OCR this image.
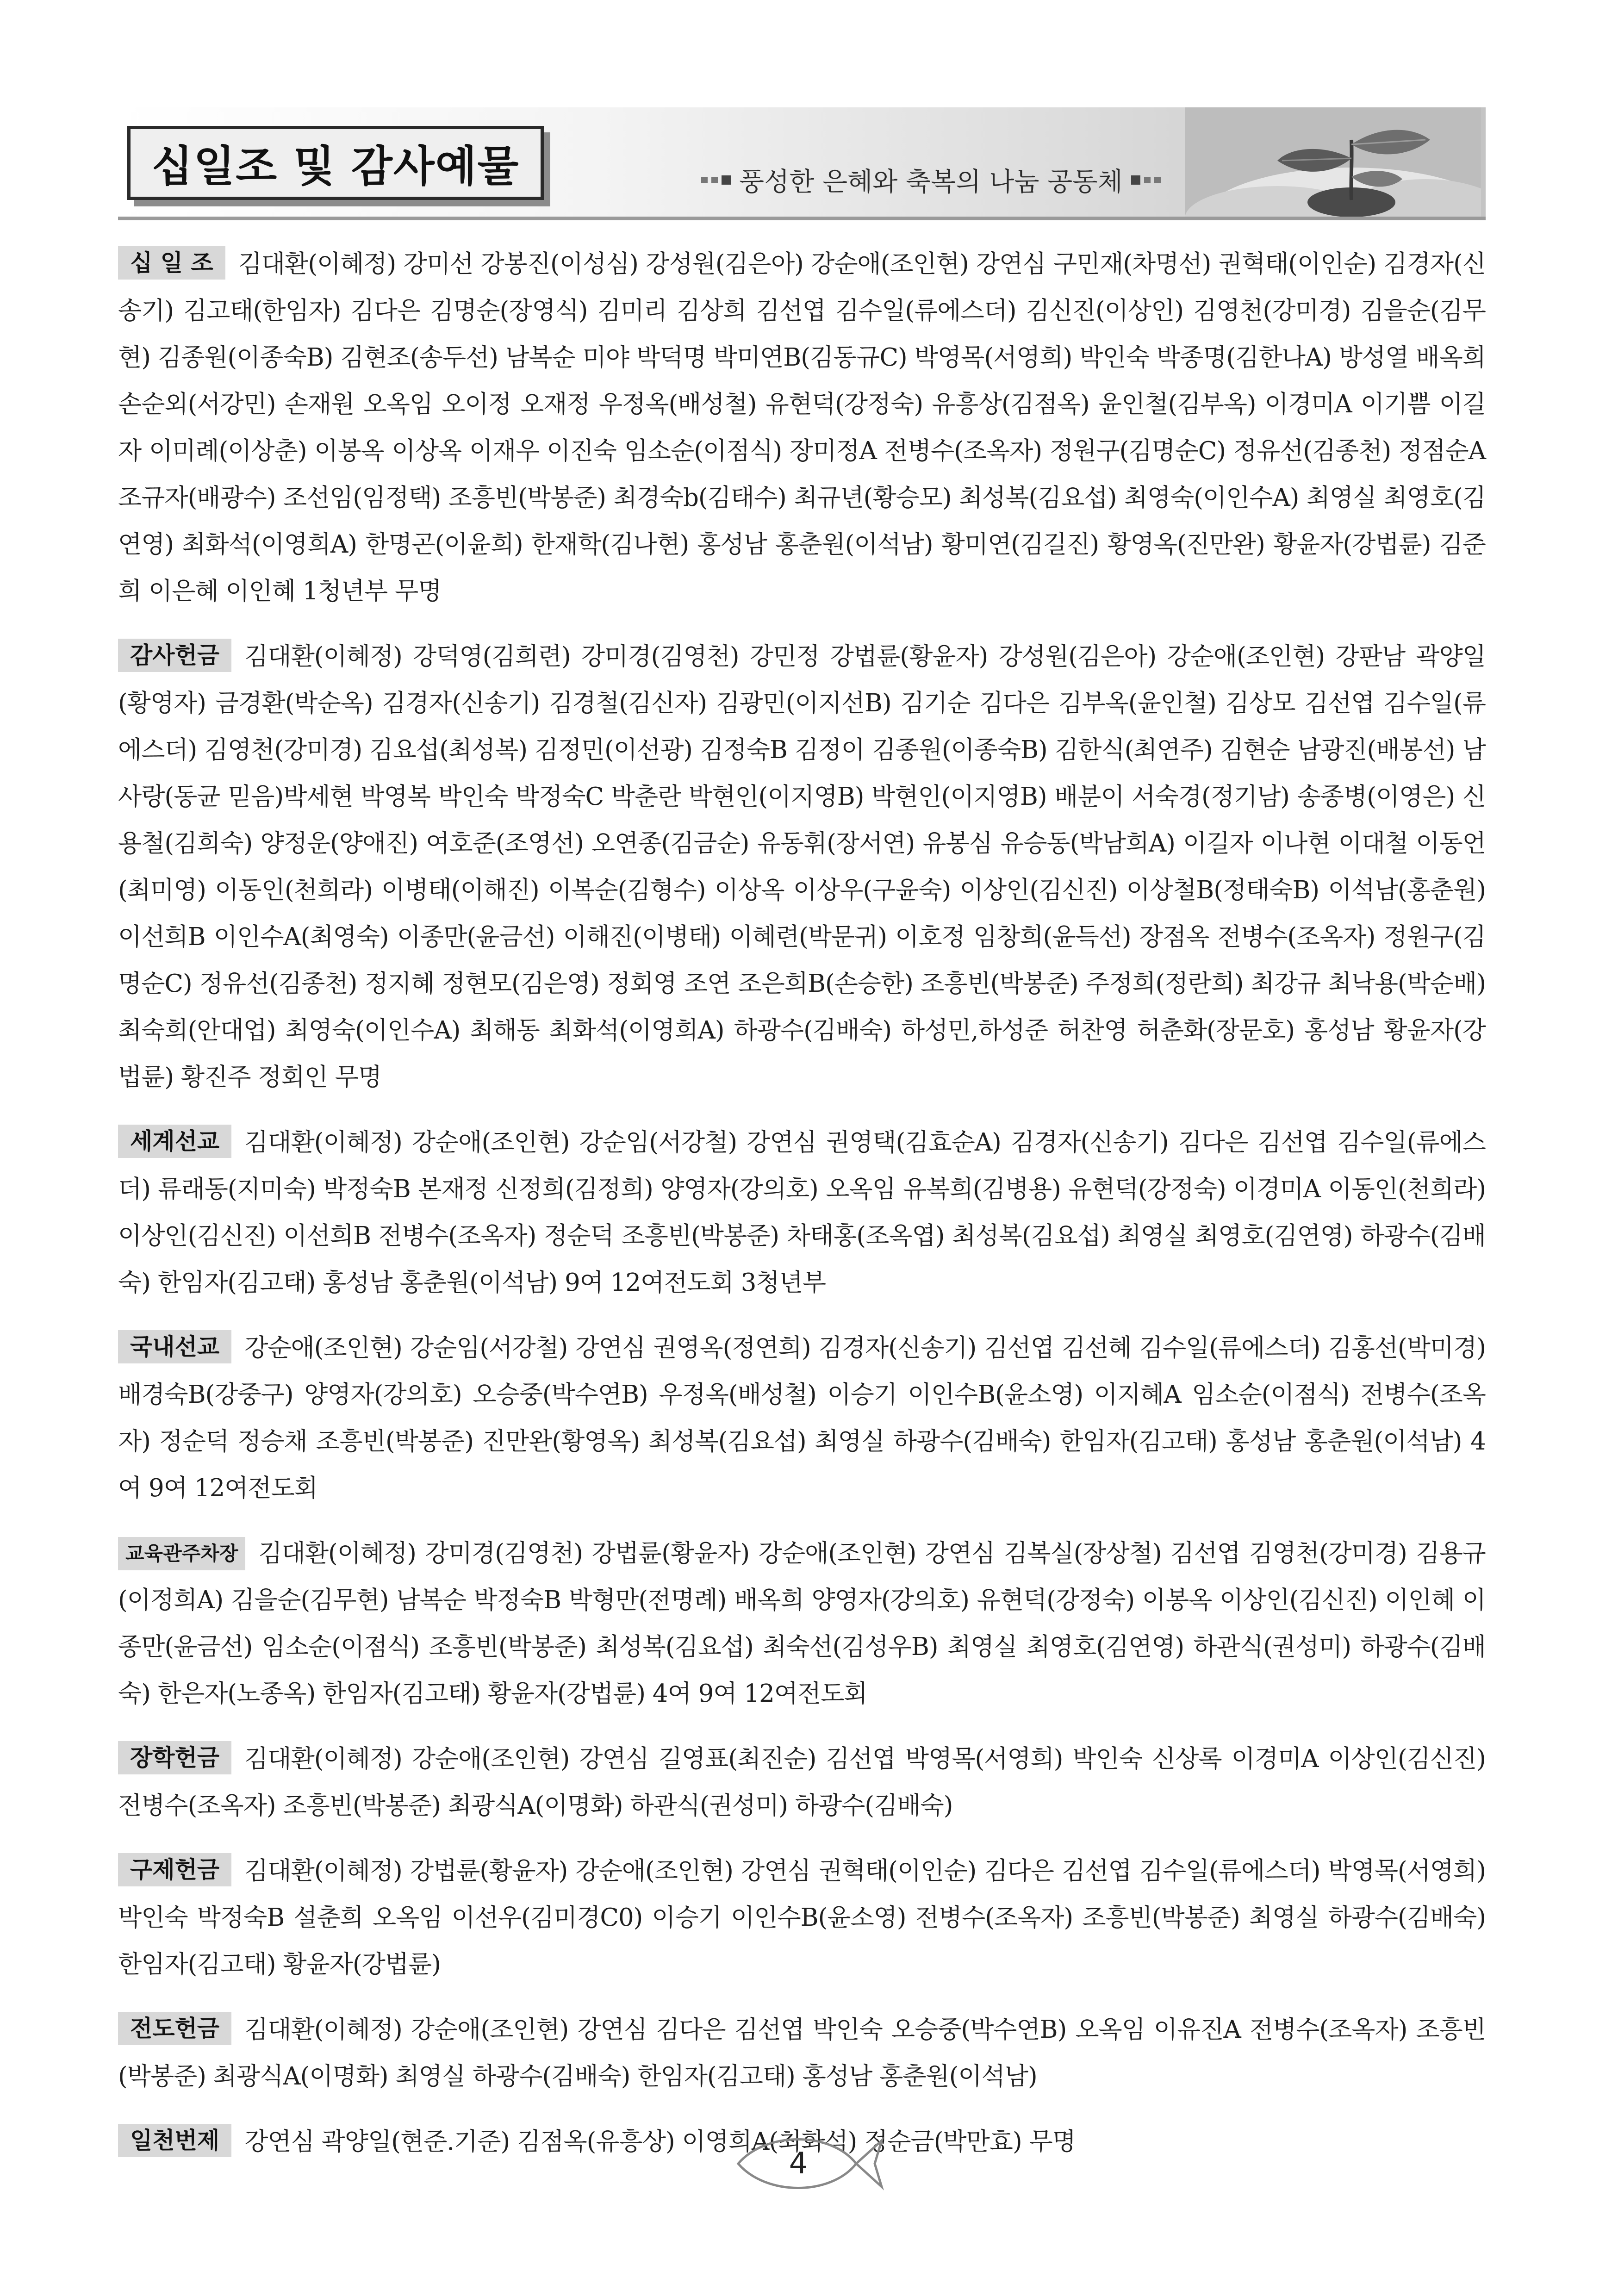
십일조 및 감사예물	풍성한 은혜와 축복의 나눔 공동체

십 일 조 김대환(이혜정) 강미선 강봉진(이성심) 강성원(김은아) 강순애(조인현) 강연심 구민재(차명선) 권혁태(이인순) 김경자(신송기) 김고태(한임자) 김다은 김명순(장영식) 김미리 김상희 김선엽 김수일(류에스더) 김신진(이상인) 김영천(강미경) 김을순(김무현) 김종원(이종숙B) 김현조(송두선) 남복순 미야 박덕명 박미연B(김동규C) 박영목(서영희) 박인숙 박종명(김한나A) 방성열 배옥희 손순외(서강민) 손재원 오옥임 오이정 오재정 우정옥(배성철) 유현덕(강정숙) 유흥상(김점옥) 윤인철(김부옥) 이경미A 이기쁨 이길자 이미례(이상춘) 이봉옥 이상옥 이재우 이진숙 임소순(이점식) 장미정A 전병수(조옥자) 정원구(김명순C) 정유선(김종천) 정점순A 조규자(배광수) 조선임(임정택) 조흥빈(박봉준) 최경숙b(김태수) 최규년(황승모) 최성복(김요섭) 최영숙(이인수A) 최영실 최영호(김연영) 최화석(이영희A) 한명곤(이윤희) 한재학(김나현) 홍성남 홍춘원(이석남) 황미연(김길진) 황영옥(진만완) 황윤자(강법륜) 김준희 이은혜 이인혜 1청년부 무명

감사헌금 김대환(이혜정) 강덕영(김희련) 강미경(김영천) 강민정 강법륜(황윤자) 강성원(김은아) 강순애(조인현) 강판남 곽양일(황영자) 금경환(박순옥) 김경자(신송기) 김경철(김신자) 김광민(이지선B) 김기순 김다은 김부옥(윤인철) 김상모 김선엽 김수일(류에스더) 김영천(강미경) 김요섭(최성복) 김정민(이선광) 김정숙B 김정이 김종원(이종숙B) 김한식(최연주) 김현순 남광진(배봉선) 남사랑(동균 믿음)박세현 박영복 박인숙 박정숙C 박춘란 박현인(이지영B) 박현인(이지영B) 배분이 서숙경(정기남) 송종병(이영은) 신용철(김희숙) 양정운(양애진) 여호준(조영선) 오연종(김금순) 유동휘(장서연) 유봉심 유승동(박남희A) 이길자 이나현 이대철 이동언(최미영) 이동인(천희라) 이병태(이해진) 이복순(김형수) 이상옥 이상우(구윤숙) 이상인(김신진) 이상철B(정태숙B) 이석남(홍춘원) 이선희B 이인수A(최영숙) 이종만(윤금선) 이해진(이병태) 이혜련(박문귀) 이호정 임창희(윤득선) 장점옥 전병수(조옥자) 정원구(김명순C) 정유선(김종천) 정지혜 정현모(김은영) 정회영 조연 조은희B(손승한) 조흥빈(박봉준) 주정희(정란희) 최강규 최낙용(박순배) 최숙희(안대업) 최영숙(이인수A) 최해동 최화석(이영희A) 하광수(김배숙) 하성민,하성준 허찬영 허춘화(장문호) 홍성남 황윤자(강법륜) 황진주 정회인 무명

세계선교 김대환(이혜정) 강순애(조인현) 강순임(서강철) 강연심 권영택(김효순A) 김경자(신송기) 김다은 김선엽 김수일(류에스더) 류래동(지미숙) 박정숙B 본재정 신정희(김정희) 양영자(강의호) 오옥임 유복희(김병용) 유현덕(강정숙) 이경미A 이동인(천희라) 이상인(김신진) 이선희B 전병수(조옥자) 정순덕 조흥빈(박봉준) 차태홍(조옥엽) 최성복(김요섭) 최영실 최영호(김연영) 하광수(김배숙) 한임자(김고태) 홍성남 홍춘원(이석남) 9여 12여전도회 3청년부

국내선교 강순애(조인현) 강순임(서강철) 강연심 권영옥(정연희) 김경자(신송기) 김선엽 김선혜 김수일(류에스더) 김홍선(박미경) 배경숙B(강중구) 양영자(강의호) 오승중(박수연B) 우정옥(배성철) 이승기 이인수B(윤소영) 이지혜A 임소순(이점식) 전병수(조옥자) 정순덕 정승채 조흥빈(박봉준) 진만완(황영옥) 최성복(김요섭) 최영실 하광수(김배숙) 한임자(김고태) 홍성남 홍춘원(이석남) 4여 9여 12여전도회

교육관주차장 김대환(이혜정) 강미경(김영천) 강법륜(황윤자) 강순애(조인현) 강연심 김복실(장상철) 김선엽 김영천(강미경) 김용규(이정희A) 김을순(김무현) 남복순 박정숙B 박형만(전명례) 배옥희 양영자(강의호) 유현덕(강정숙) 이봉옥 이상인(김신진) 이인혜 이종만(윤금선) 임소순(이점식) 조흥빈(박봉준) 최성복(김요섭) 최숙선(김성우B) 최영실 최영호(김연영) 하관식(권성미) 하광수(김배숙) 한은자(노종옥) 한임자(김고태) 황윤자(강법륜) 4여 9여 12여전도회

장학헌금 김대환(이혜정) 강순애(조인현) 강연심 길영표(최진순) 김선엽 박영목(서영희) 박인숙 신상록 이경미A 이상인(김신진) 전병수(조옥자) 조흥빈(박봉준) 최광식A(이명화) 하관식(권성미) 하광수(김배숙)

구제헌금 김대환(이혜정) 강법륜(황윤자) 강순애(조인현) 강연심 권혁태(이인순) 김다은 김선엽 김수일(류에스더) 박영목(서영희) 박인숙 박정숙B 설춘희 오옥임 이선우(김미경C0) 이승기 이인수B(윤소영) 전병수(조옥자) 조흥빈(박봉준) 최영실 하광수(김배숙) 한임자(김고태) 황윤자(강법륜)

전도헌금 김대환(이혜정) 강순애(조인현) 강연심 김다은 김선엽 박인숙 오승중(박수연B) 오옥임 이유진A 전병수(조옥자) 조흥빈(박봉준) 최광식A(이명화) 최영실 하광수(김배숙) 한임자(김고태) 홍성남 홍춘원(이석남)

일천번제 강연심 곽양일(현준.기준) 김점옥(유흥상) 이영희A(최화석) 정순금(박만효) 무명

4
